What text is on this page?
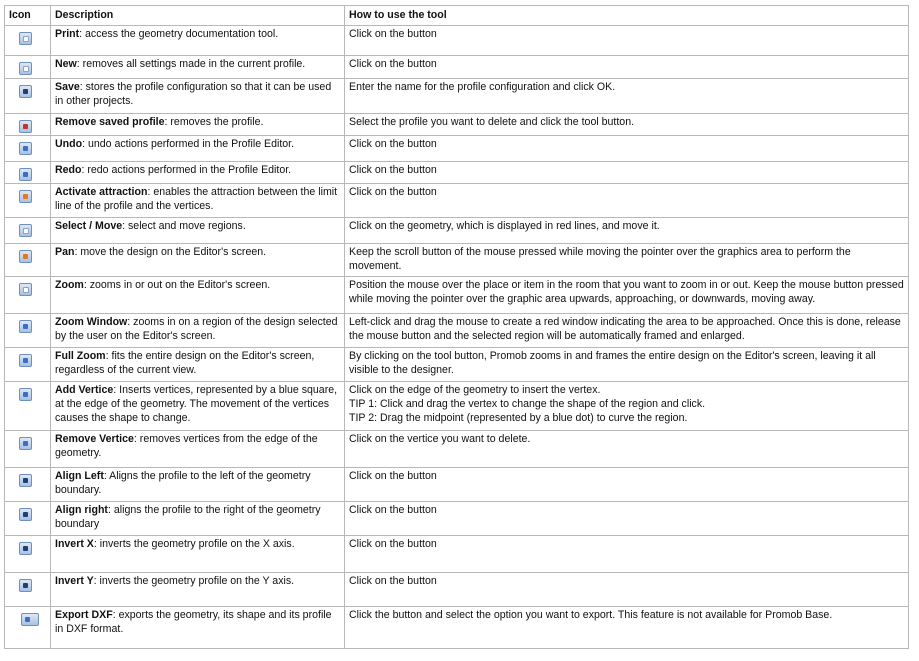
Icon	Description	How to use the tool

	Print: access the geometry documentation tool.	Click on the button

	New: removes all settings made in the current profile.	Click on the button

	Save: stores the profile configuration so that it can be used in other projects.	Enter the name for the profile configuration and click OK.

	Remove saved profile: removes the profile.	Select the profile you want to delete and click the tool button.

	Undo: undo actions performed in the Profile Editor.	Click on the button

	Redo: redo actions performed in the Profile Editor.	Click on the button

	Activate attraction: enables the attraction between the limit line of the profile and the vertices.	Click on the button

	Select / Move: select and move regions.	Click on the geometry, which is displayed in red lines, and move it.

	Pan: move the design on the Editor's screen.	Keep the scroll button of the mouse pressed while moving the pointer over the graphics area to perform the movement.

	Zoom: zooms in or out on the Editor's screen.	Position the mouse over the place or item in the room that you want to zoom in or out. Keep the mouse button pressed while moving the pointer over the graphic area upwards, approaching, or downwards, moving away.

	Zoom Window: zooms in on a region of the design selected by the user on the Editor's screen.	Left-click and drag the mouse to create a red window indicating the area to be approached. Once this is done, release the mouse button and the selected region will be automatically framed and enlarged.

	Full Zoom: fits the entire design on the Editor's screen, regardless of the current view.	By clicking on the tool button, Promob zooms in and frames the entire design on the Editor's screen, leaving it all visible to the designer.

	Add Vertice: Inserts vertices, represented by a blue square, at the edge of the geometry. The movement of the vertices causes the shape to change.	Click on the edge of the geometry to insert the vertex.
TIP 1: Click and drag the vertex to change the shape of the region and click.
TIP 2: Drag the midpoint (represented by a blue dot) to curve the region.

	Remove Vertice: removes vertices from the edge of the geometry.	Click on the vertice you want to delete.

	Align Left: Aligns the profile to the left of the geometry boundary.	Click on the button

	Align right: aligns the profile to the right of the geometry boundary	Click on the button

	Invert X: inverts the geometry profile on the X axis.	Click on the button

	Invert Y: inverts the geometry profile on the Y axis.	Click on the button

	Export DXF: exports the geometry, its shape and its profile in DXF format.	Click the button and select the option you want to export. This feature is not available for Promob Base.
